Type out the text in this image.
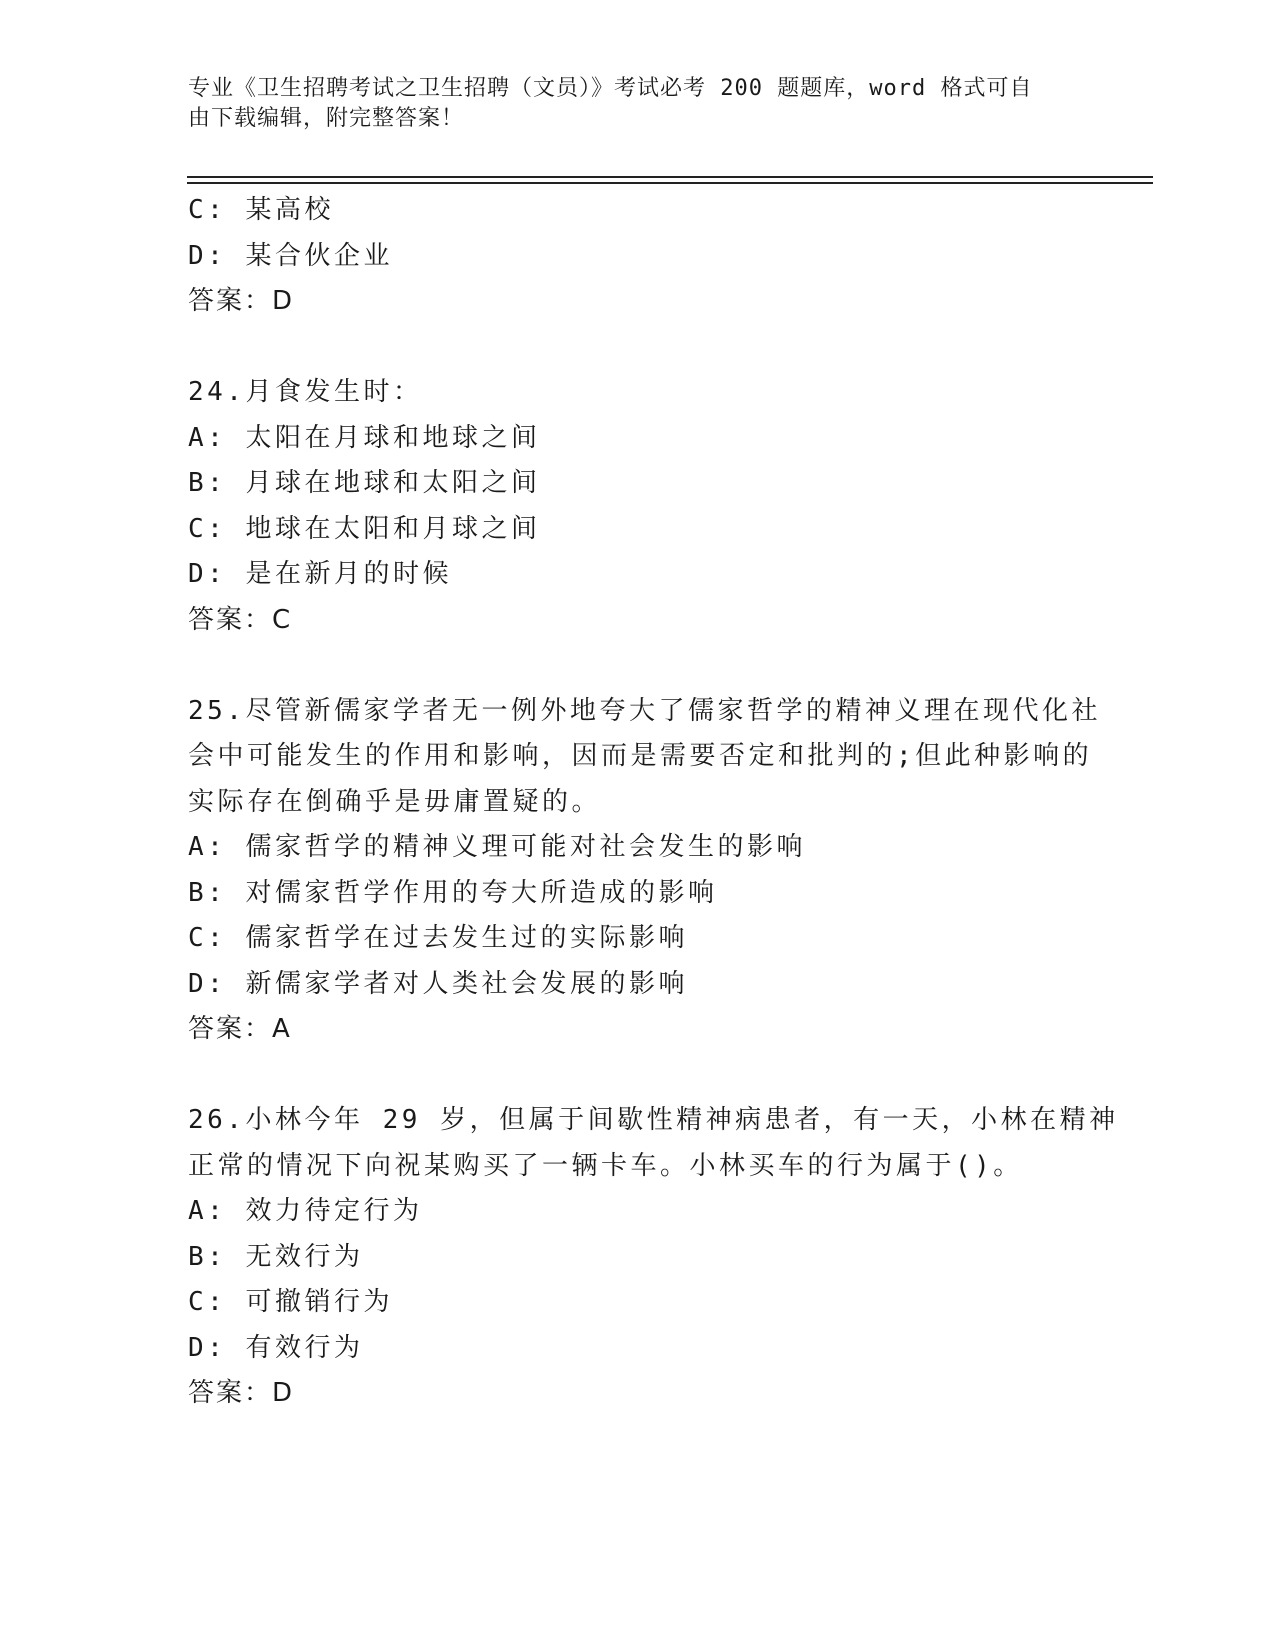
专业《卫生招聘考试之卫生招聘（文员）》考试必考 200 题题库，word 格式可自
由下载编辑，附完整答案！
C: 某高校
D: 某合伙企业
答案：D
24.月食发生时：
A: 太阳在月球和地球之间
B: 月球在地球和太阳之间
C: 地球在太阳和月球之间
D: 是在新月的时候
答案：C
25.尽管新儒家学者无一例外地夸大了儒家哲学的精神义理在现代化社
会中可能发生的作用和影响，因而是需要否定和批判的;但此种影响的
实际存在倒确乎是毋庸置疑的。
A: 儒家哲学的精神义理可能对社会发生的影响
B: 对儒家哲学作用的夸大所造成的影响
C: 儒家哲学在过去发生过的实际影响
D: 新儒家学者对人类社会发展的影响
答案：A
26.小林今年 29 岁，但属于间歇性精神病患者，有一天，小林在精神
正常的情况下向祝某购买了一辆卡车。小林买车的行为属于()。
A: 效力待定行为
B: 无效行为
C: 可撤销行为
D: 有效行为
答案：D
